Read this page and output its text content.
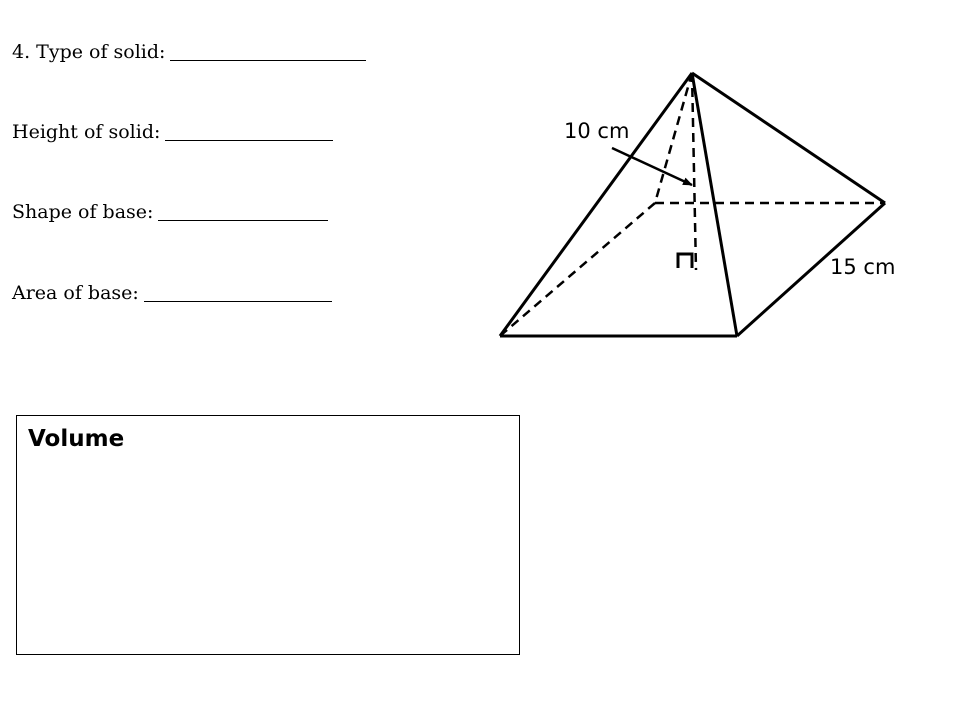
4. Type of solid:
Height of solid:
Shape of base:
Area of base:
10 cm
15 cm
Volume
